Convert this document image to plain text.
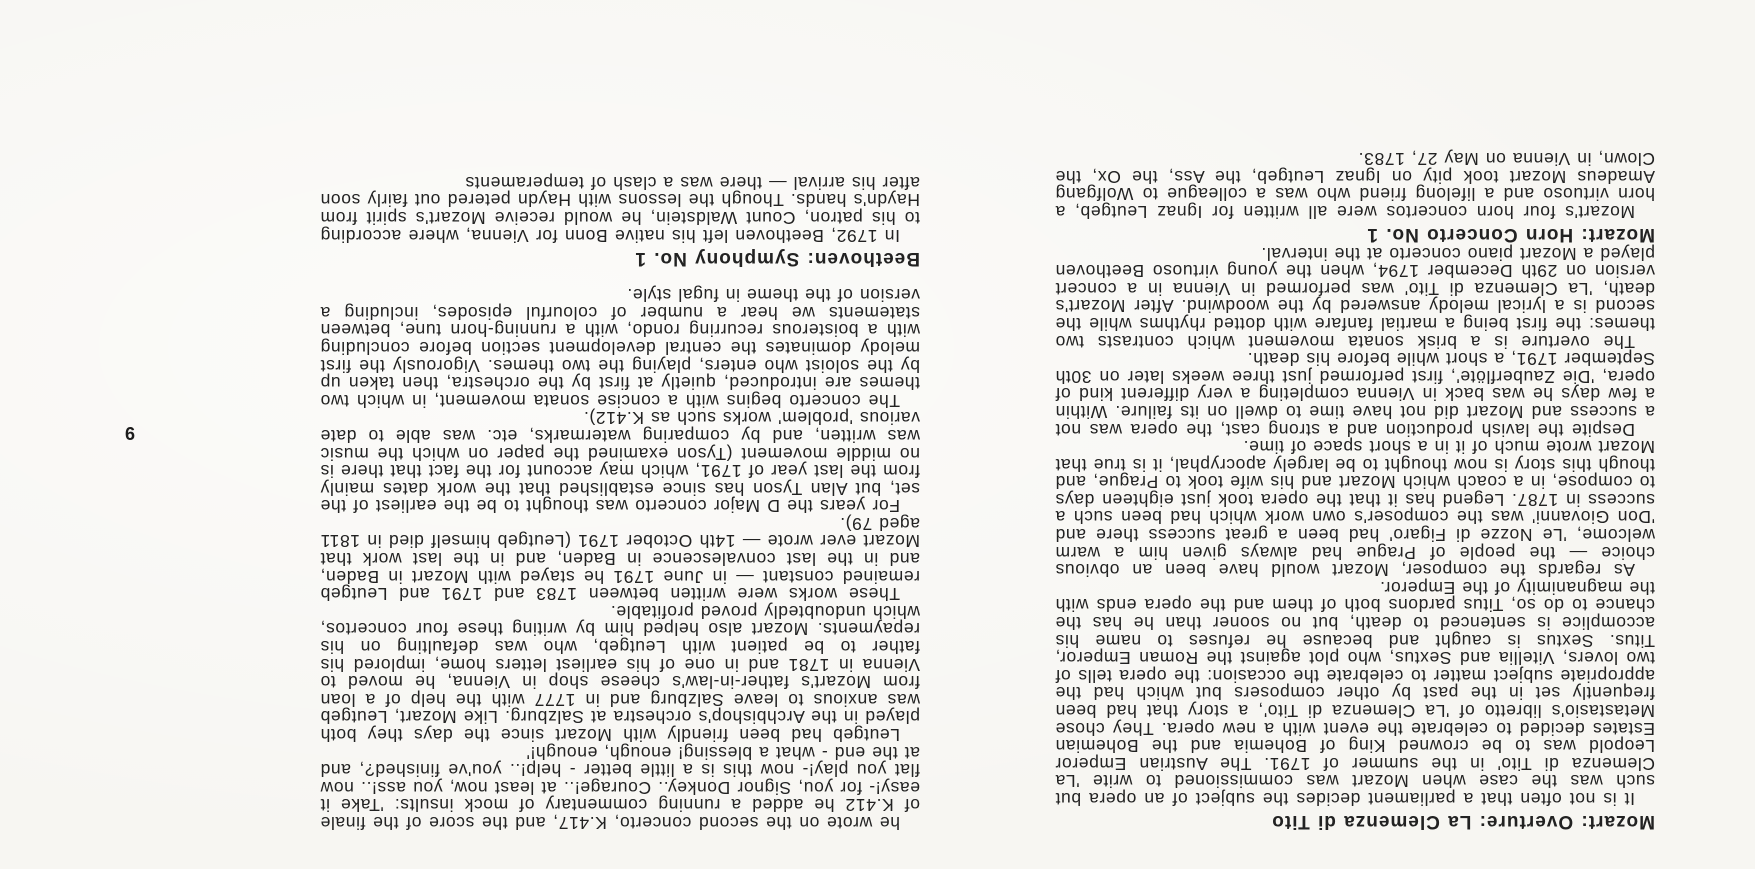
Mozart: Overture: La Clemenza di Tito

It is not often that a parliament decides the subject of an opera but such was the case when Mozart was commissioned to write 'La Clemenza di Tito' in the summer of 1791. The Austrian Emperor Leopold was to be crowned King of Bohemia and the Bohemian Estates decided to celebrate the event with a new opera. They chose Metastasio's libretto of 'La Clemenza di Tito', a story that had been frequently set in the past by other composers but which had the appropriate subject matter to celebrate the occasion: the opera tells of two lovers, Vitellia and Sextus, who plot against the Roman Emperor, Titus. Sextus is caught and because he refuses to name his accomplice is sentenced to death, but no sooner than he has the chance to do so, Titus pardons both of them and the opera ends with the magnanimity of the Emperor.

As regards the composer, Mozart would have been an obvious choice — the people of Prague had always given him a warm welcome, 'Le Nozze di Figaro' had been a great success there and 'Don Giovanni' was the composer's own work which had been such a success in 1787. Legend has it that the opera took just eighteen days to compose, in a coach which Mozart and his wife took to Prague, and though this story is now thought to be largely apocryphal, it is true that Mozart wrote much of it in a short space of time.

Despite the lavish production and a strong cast, the opera was not a success and Mozart did not have time to dwell on its failure. Within a few days he was back in Vienna completing a very different kind of opera, 'Die Zauberflöte', first performed just three weeks later on 30th September 1791, a short while before his death.

The overture is a brisk sonata movement which contrasts two themes: the first being a martial fanfare with dotted rhythms while the second is a lyrical melody answered by the woodwind. After Mozart's death, 'La Clemenza di Tito' was performed in Vienna in a concert version on 29th December 1794, when the young virtuoso Beethoven played a Mozart piano concerto at the interval.

Mozart: Horn Concerto No. 1

Mozart's four horn concertos were all written for Ignaz Leutgeb, a horn virtuoso and a lifelong friend who was a colleague to Wolfgang Amadeus Mozart took pity on Ignaz Leutgeb, the Ass, the Ox, the Clown, in Vienna on May 27, 1783.

he wrote on the second concerto, K.417, and the score of the finale of K.412 he added a running commentary of mock insults: 'Take it easy!- for you, Signor Donkey.. Courage!.. at least now, you ass!.. now flat you play!- now this is a little better - help!.. you've finished?, and at the end - what a blessing! enough, enough!'

Leutgeb had been friendly with Mozart since the days they both played in the Archbishop's orchestra at Salzburg. Like Mozart, Leutgeb was anxious to leave Salzburg and in 1777 with the help of a loan from Mozart's father-in-law's cheese shop in Vienna, he moved to Vienna in 1781 and in one of his earliest letters home, implored his father to be patient with Leutgeb, who was defaulting on his repayments. Mozart also helped him by writing these four concertos, which undoubtedly proved profitable.

These works were written between 1783 and 1791 and Leutgeb remained constant — in June 1791 he stayed with Mozart in Baden, and in the last convalescence in Baden, and in the last work that Mozart ever wrote — 14th October 1791 (Leutgeb himself died in 1811 aged 79).

For years the D Major concerto was thought to be the earliest of the set, but Alan Tyson has since established that the work dates mainly from the last year of 1791, which may account for the fact that there is no middle movement (Tyson examined the paper on which the music was written, and by comparing watermarks, etc. was able to date various 'problem' works such as K.412).

The concerto begins with a concise sonata movement, in which two themes are introduced, quietly at first by the orchestra, then taken up by the soloist who enters, playing the two themes. Vigorously the first melody dominates the central development section before concluding with a boisterous recurring rondo, with a running-horn tune, between statements we hear a number of colourful episodes, including a version of the theme in fugal style.

Beethoven: Symphony No. 1

In 1792, Beethoven left his native Bonn for Vienna, where according to his patron, Count Waldstein, he would receive Mozart's spirit from Haydn's hands. Though the lessons with Haydn petered out fairly soon after his arrival — there was a clash of temperaments

9
